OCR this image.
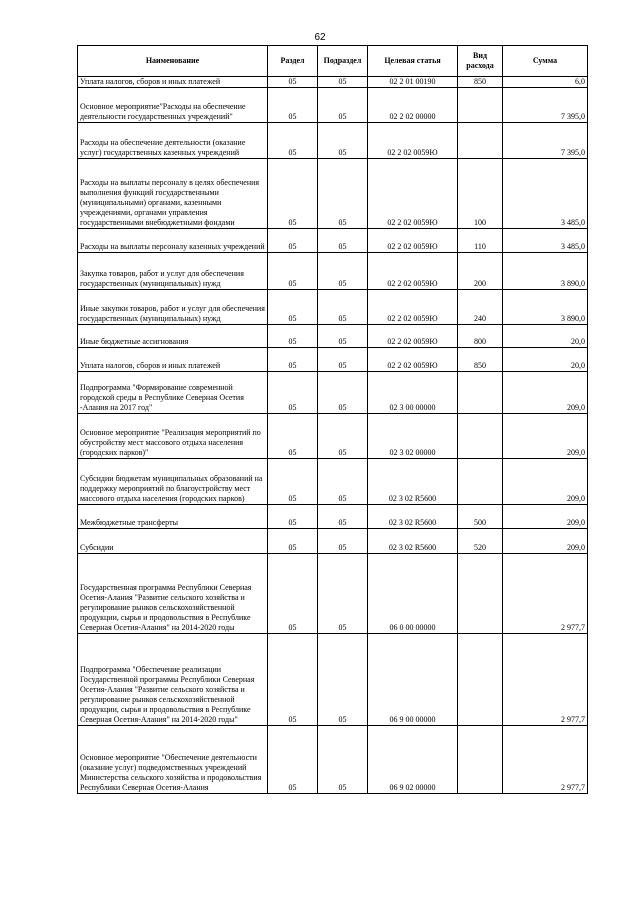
62
Наименование	Раздел	Подраздел	Целевая статья	Вид расхода	Сумма
Уплата налогов, сборов и иных платежей	05	05	02 2 01 00190	850	6,0
Основное мероприятие"Расходы на обеспечение деятельности государственных учреждений"	05	05	02 2 02 00000		7 395,0
Расходы на обеспечение деятельности (оказание услуг) государственных казенных учреждений	05	05	02 2 02 0059Ю		7 395,0
Расходы на выплаты персоналу в целях обеспечения выполнения функций государственными (муниципальными) органами, казенными учреждениями, органами управления государственными внебюджетными фондами	05	05	02 2 02 0059Ю	100	3 485,0
Расходы на выплаты персоналу казенных учреждений	05	05	02 2 02 0059Ю	110	3 485,0
Закупка товаров, работ и услуг для обеспечения государственных (муниципальных) нужд	05	05	02 2 02 0059Ю	200	3 890,0
Иные закупки товаров, работ и услуг для обеспечения государственных (муниципальных) нужд	05	05	02 2 02 0059Ю	240	3 890,0
Иные бюджетные ассигнования	05	05	02 2 02 0059Ю	800	20,0
Уплата налогов, сборов и иных платежей	05	05	02 2 02 0059Ю	850	20,0
Подпрограмма "Формирование современной городской среды в Республике Северная Осетия -Алания на 2017 год"	05	05	02 3 00 00000		209,0
Основное мероприятие "Реализация мероприятий по обустройству мест массового отдыха населения (городских парков)"	05	05	02 3 02 00000		209,0
Субсидии бюджетам муниципальных образований на поддержку мероприятий по благоустройству мест массового отдыха населения (городских парков)	05	05	02 3 02 R5600		209,0
Межбюджетные трансферты	05	05	02 3 02 R5600	500	209,0
Субсидии	05	05	02 3 02 R5600	520	209,0
Государственная программа Республики Северная Осетия-Алания "Развитие сельского хозяйства и регулирование рынков сельскохозяйственной продукции, сырья и продовольствия в Республике Северная Осетия-Алания" на 2014-2020 годы	05	05	06 0 00 00000		2 977,7
Подпрограмма "Обеспечение реализации Государственной программы Республики Северная Осетия-Алания "Развитие сельского хозяйства и регулирование рынков сельскохозяйственной продукции, сырья и продовольствия в Республике Северная Осетия-Алания" на 2014-2020 годы"	05	05	06 9 00 00000		2 977,7
Основное мероприятие "Обеспечение деятельности (оказание услуг) подведомственных учреждений Министерства сельского хозяйства и продовольствия Республики Северная Осетия-Алания	05	05	06 9 02 00000		2 977,7
